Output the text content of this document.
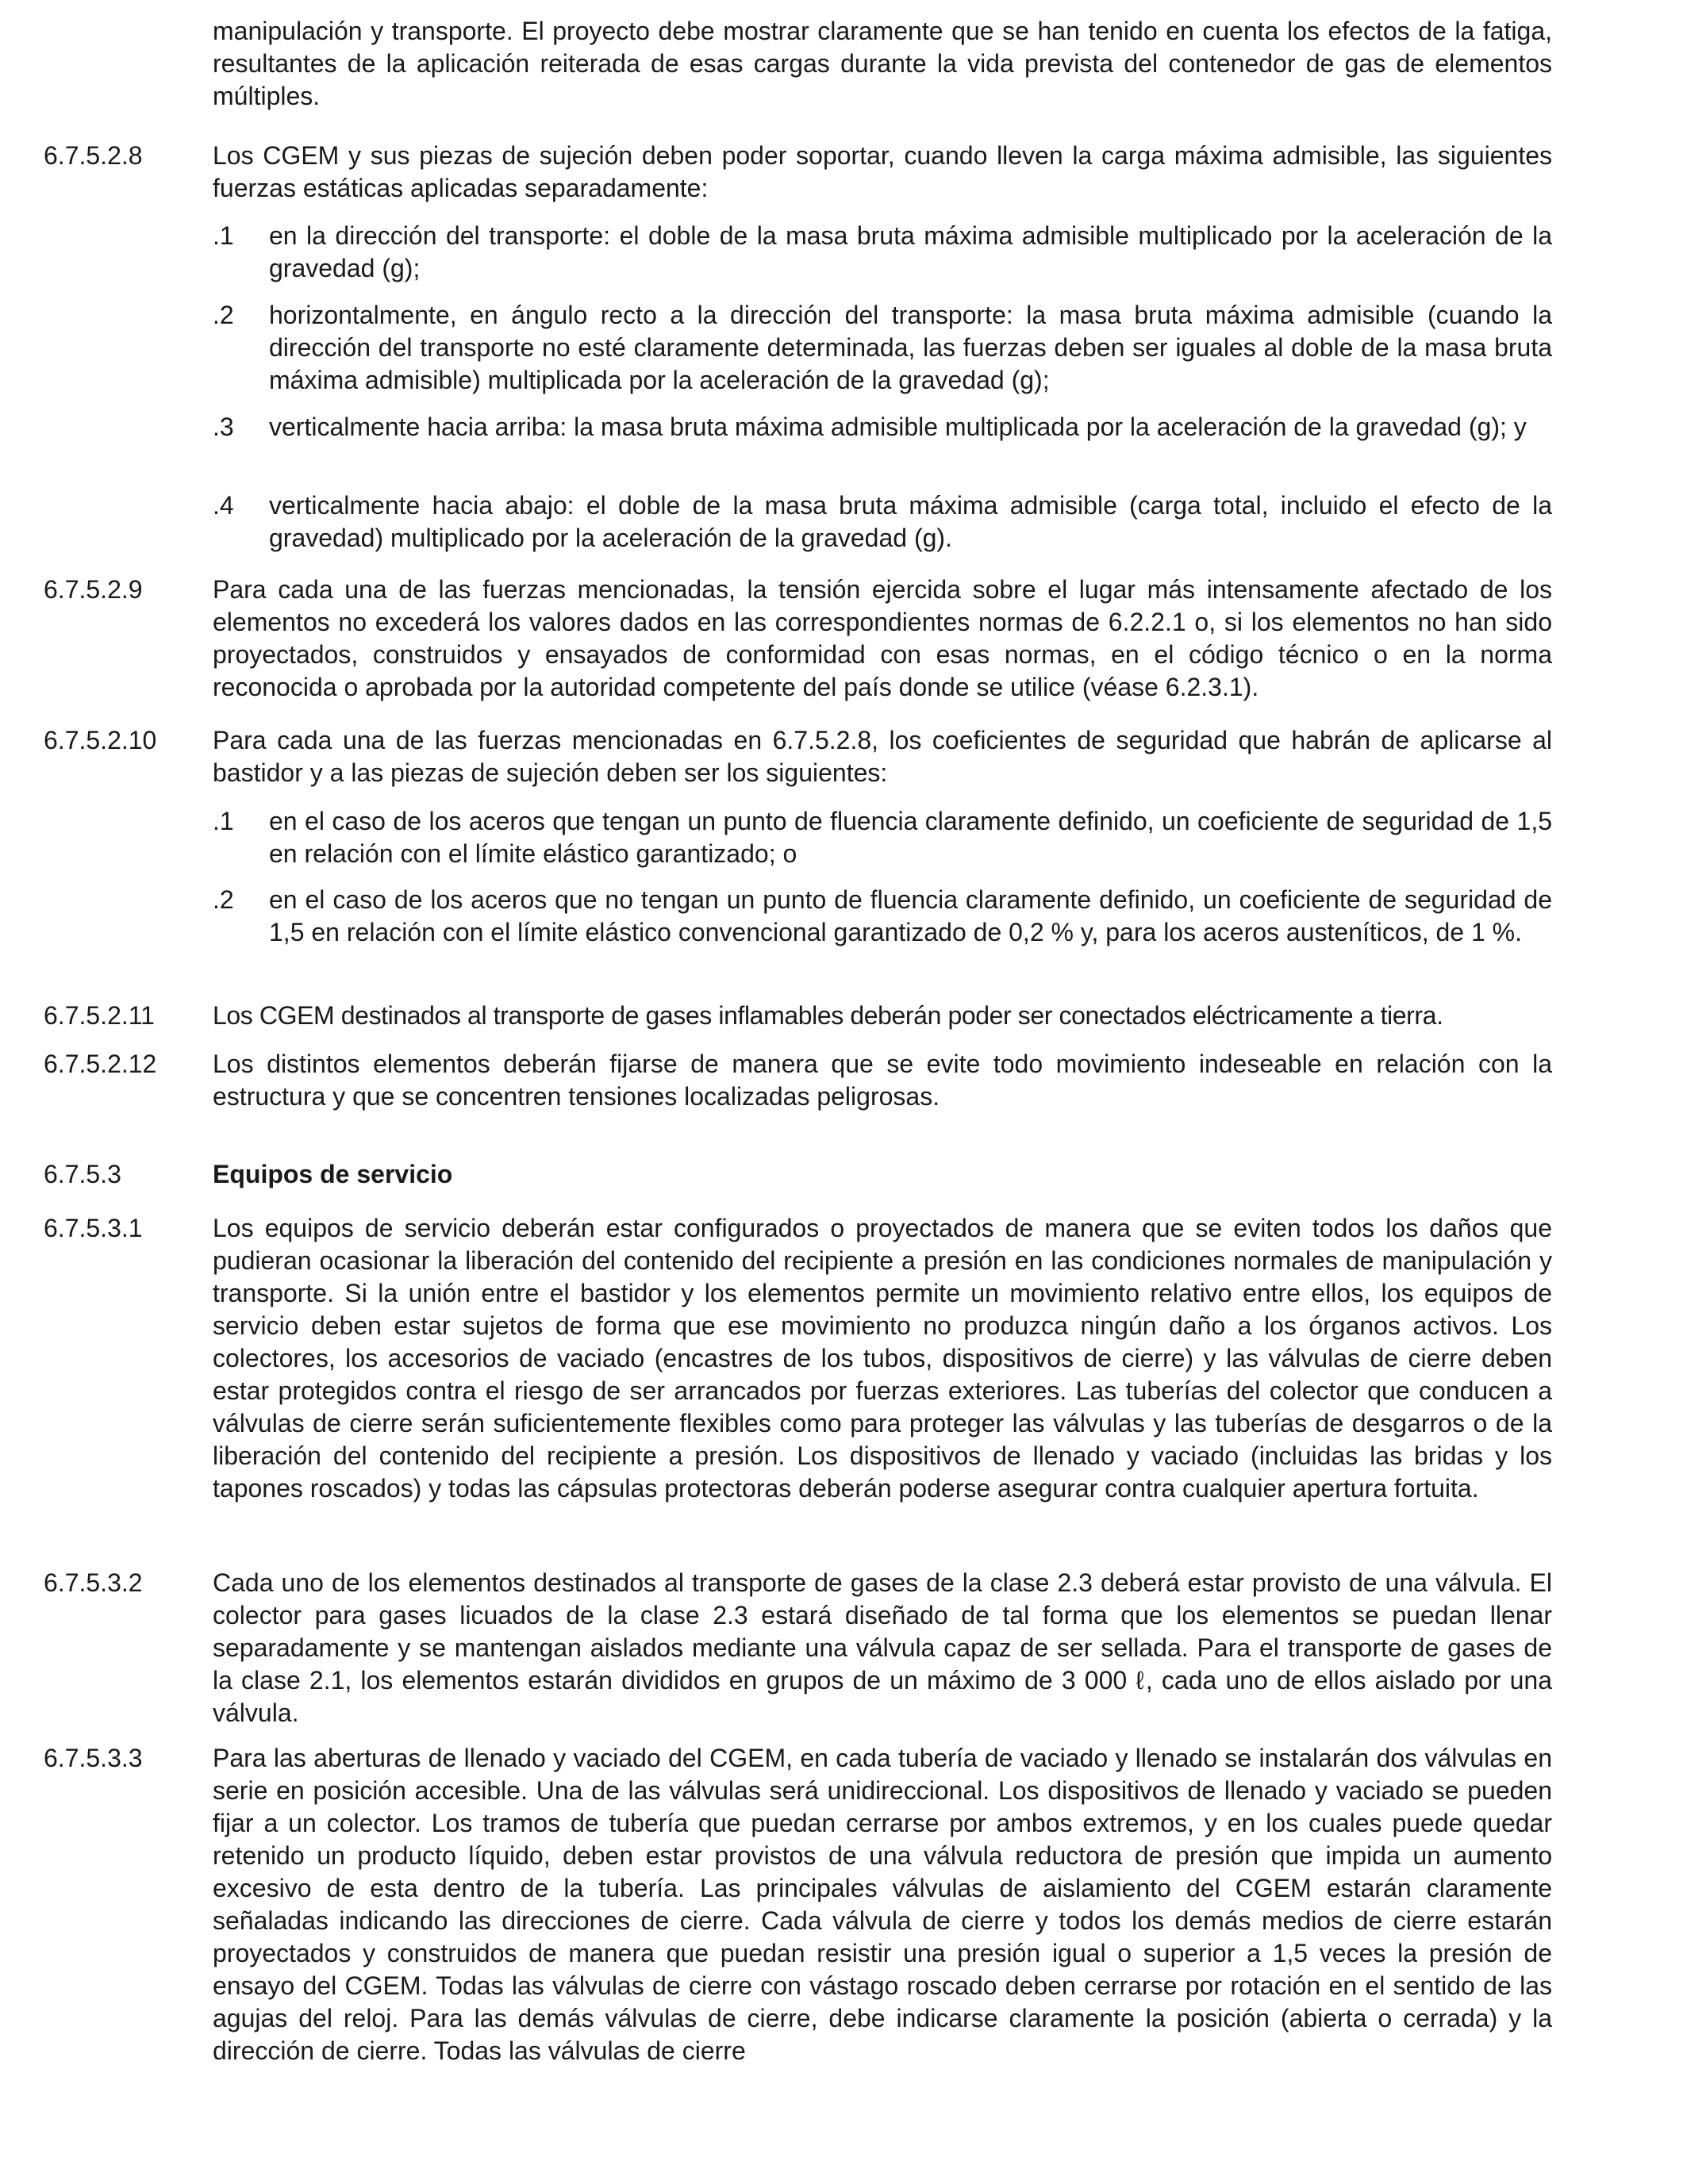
manipulación y transporte. El proyecto debe mostrar claramente que se han tenido en cuenta los efectos de la fatiga, resultantes de la aplicación reiterada de esas cargas durante la vida prevista del contenedor de gas de elementos múltiples.
6.7.5.2.8	Los CGEM y sus piezas de sujeción deben poder soportar, cuando lleven la carga máxima admisible, las siguientes fuerzas estáticas aplicadas separadamente:
.1 en la dirección del transporte: el doble de la masa bruta máxima admisible multiplicado por la aceleración de la gravedad (g);
.2 horizontalmente, en ángulo recto a la dirección del transporte: la masa bruta máxima admisible (cuando la dirección del transporte no esté claramente determinada, las fuerzas deben ser iguales al doble de la masa bruta máxima admisible) multiplicada por la aceleración de la gravedad (g);
.3 verticalmente hacia arriba: la masa bruta máxima admisible multiplicada por la aceleración de la gravedad (g); y
.4 verticalmente hacia abajo: el doble de la masa bruta máxima admisible (carga total, incluido el efecto de la gravedad) multiplicado por la aceleración de la gravedad (g).
6.7.5.2.9	Para cada una de las fuerzas mencionadas, la tensión ejercida sobre el lugar más intensamente afectado de los elementos no excederá los valores dados en las correspondientes normas de 6.2.2.1 o, si los elementos no han sido proyectados, construidos y ensayados de conformidad con esas normas, en el código técnico o en la norma reconocida o aprobada por la autoridad competente del país donde se utilice (véase 6.2.3.1).
6.7.5.2.10 Para cada una de las fuerzas mencionadas en 6.7.5.2.8, los coeficientes de seguridad que habrán de aplicarse al bastidor y a las piezas de sujeción deben ser los siguientes:
.1 en el caso de los aceros que tengan un punto de fluencia claramente definido, un coeficiente de seguridad de 1,5 en relación con el límite elástico garantizado; o
.2 en el caso de los aceros que no tengan un punto de fluencia claramente definido, un coeficiente de seguridad de 1,5 en relación con el límite elástico convencional garantizado de 0,2 % y, para los aceros austeníticos, de 1 %.
6.7.5.2.11 Los CGEM destinados al transporte de gases inflamables deberán poder ser conectados eléctricamente a tierra.
6.7.5.2.12 Los distintos elementos deberán fijarse de manera que se evite todo movimiento indeseable en relación con la estructura y que se concentren tensiones localizadas peligrosas.
6.7.5.3	Equipos de servicio
6.7.5.3.1	Los equipos de servicio deberán estar configurados o proyectados de manera que se eviten todos los daños que pudieran ocasionar la liberación del contenido del recipiente a presión en las condiciones normales de manipulación y transporte. Si la unión entre el bastidor y los elementos permite un movimiento relativo entre ellos, los equipos de servicio deben estar sujetos de forma que ese movimiento no produzca ningún daño a los órganos activos. Los colectores, los accesorios de vaciado (encastres de los tubos, dispositivos de cierre) y las válvulas de cierre deben estar protegidos contra el riesgo de ser arrancados por fuerzas exteriores. Las tuberías del colector que conducen a válvulas de cierre serán suficientemente flexibles como para proteger las válvulas y las tuberías de desgarros o de la liberación del contenido del recipiente a presión. Los dispositivos de llenado y vaciado (incluidas las bridas y los tapones roscados) y todas las cápsulas protectoras deberán poderse asegurar contra cualquier apertura fortuita.
6.7.5.3.2	Cada uno de los elementos destinados al transporte de gases de la clase 2.3 deberá estar provisto de una válvula. El colector para gases licuados de la clase 2.3 estará diseñado de tal forma que los elementos se puedan llenar separadamente y se mantengan aislados mediante una válvula capaz de ser sellada. Para el transporte de gases de la clase 2.1, los elementos estarán divididos en grupos de un máximo de 3 000 ℓ, cada uno de ellos aislado por una válvula.
6.7.5.3.3	Para las aberturas de llenado y vaciado del CGEM, en cada tubería de vaciado y llenado se instalarán dos válvulas en serie en posición accesible. Una de las válvulas será unidireccional. Los dispositivos de llenado y vaciado se pueden fijar a un colector. Los tramos de tubería que puedan cerrarse por ambos extremos, y en los cuales puede quedar retenido un producto líquido, deben estar provistos de una válvula reductora de presión que impida un aumento excesivo de esta dentro de la tubería. Las principales válvulas de aislamiento del CGEM estarán claramente señaladas indicando las direcciones de cierre. Cada válvula de cierre y todos los demás medios de cierre estarán proyectados y construidos de manera que puedan resistir una presión igual o superior a 1,5 veces la presión de ensayo del CGEM. Todas las válvulas de cierre con vástago roscado deben cerrarse por rotación en el sentido de las agujas del reloj. Para las demás válvulas de cierre, debe indicarse claramente la posición (abierta o cerrada) y la dirección de cierre. Todas las válvulas de cierre
